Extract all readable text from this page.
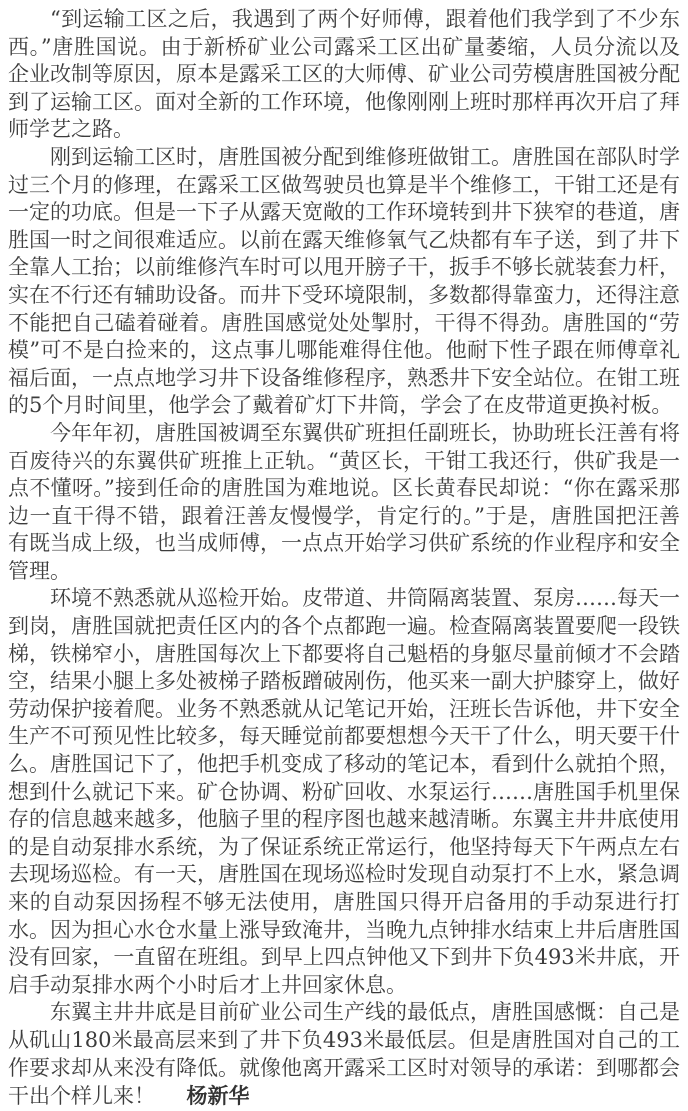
“到运输工区之后，我遇到了两个好师傅，跟着他们我学到了不少东西。”唐胜国说。由于新桥矿业公司露采工区出矿量萎缩，人员分流以及企业改制等原因，原本是露采工区的大师傅、矿业公司劳模唐胜国被分配到了运输工区。面对全新的工作环境，他像刚刚上班时那样再次开启了拜师学艺之路。

刚到运输工区时，唐胜国被分配到维修班做钳工。唐胜国在部队时学过三个月的修理，在露采工区做驾驶员也算是半个维修工，干钳工还是有一定的功底。但是一下子从露天宽敞的工作环境转到井下狭窄的巷道，唐胜国一时之间很难适应。以前在露天维修氧气乙炔都有车子送，到了井下全靠人工抬；以前维修汽车时可以甩开膀子干，扳手不够长就装套力杆，实在不行还有辅助设备。而井下受环境限制，多数都得靠蛮力，还得注意不能把自己磕着碰着。唐胜国感觉处处掣肘，干得不得劲。唐胜国的“劳模”可不是白捡来的，这点事儿哪能难得住他。他耐下性子跟在师傅章礼福后面，一点点地学习井下设备维修程序，熟悉井下安全站位。在钳工班的5个月时间里，他学会了戴着矿灯下井筒，学会了在皮带道更换衬板。

今年年初，唐胜国被调至东翼供矿班担任副班长，协助班长汪善有将百废待兴的东翼供矿班推上正轨。“黄区长，干钳工我还行，供矿我是一点不懂呀。”接到任命的唐胜国为难地说。区长黄春民却说：“你在露采那边一直干得不错，跟着汪善友慢慢学，肯定行的。”于是，唐胜国把汪善有既当成上级，也当成师傅，一点点开始学习供矿系统的作业程序和安全管理。

环境不熟悉就从巡检开始。皮带道、井筒隔离装置、泵房……每天一到岗，唐胜国就把责任区内的各个点都跑一遍。检查隔离装置要爬一段铁梯，铁梯窄小，唐胜国每次上下都要将自己魁梧的身躯尽量前倾才不会踏空，结果小腿上多处被梯子踏板蹭破剐伤，他买来一副大护膝穿上，做好劳动保护接着爬。业务不熟悉就从记笔记开始，汪班长告诉他，井下安全生产不可预见性比较多，每天睡觉前都要想想今天干了什么，明天要干什么。唐胜国记下了，他把手机变成了移动的笔记本，看到什么就拍个照，想到什么就记下来。矿仓协调、粉矿回收、水泵运行……唐胜国手机里保存的信息越来越多，他脑子里的程序图也越来越清晰。东翼主井井底使用的是自动泵排水系统，为了保证系统正常运行，他坚持每天下午两点左右去现场巡检。有一天，唐胜国在现场巡检时发现自动泵打不上水，紧急调来的自动泵因扬程不够无法使用，唐胜国只得开启备用的手动泵进行打水。因为担心水仓水量上涨导致淹井，当晚九点钟排水结束上井后唐胜国没有回家，一直留在班组。到早上四点钟他又下到井下负493米井底，开启手动泵排水两个小时后才上井回家休息。

东翼主井井底是目前矿业公司生产线的最低点，唐胜国感慨：自己是从矶山180米最高层来到了井下负493米最低层。但是唐胜国对自己的工作要求却从来没有降低。就像他离开露采工区时对领导的承诺：到哪都会干出个样儿来！ 杨新华
